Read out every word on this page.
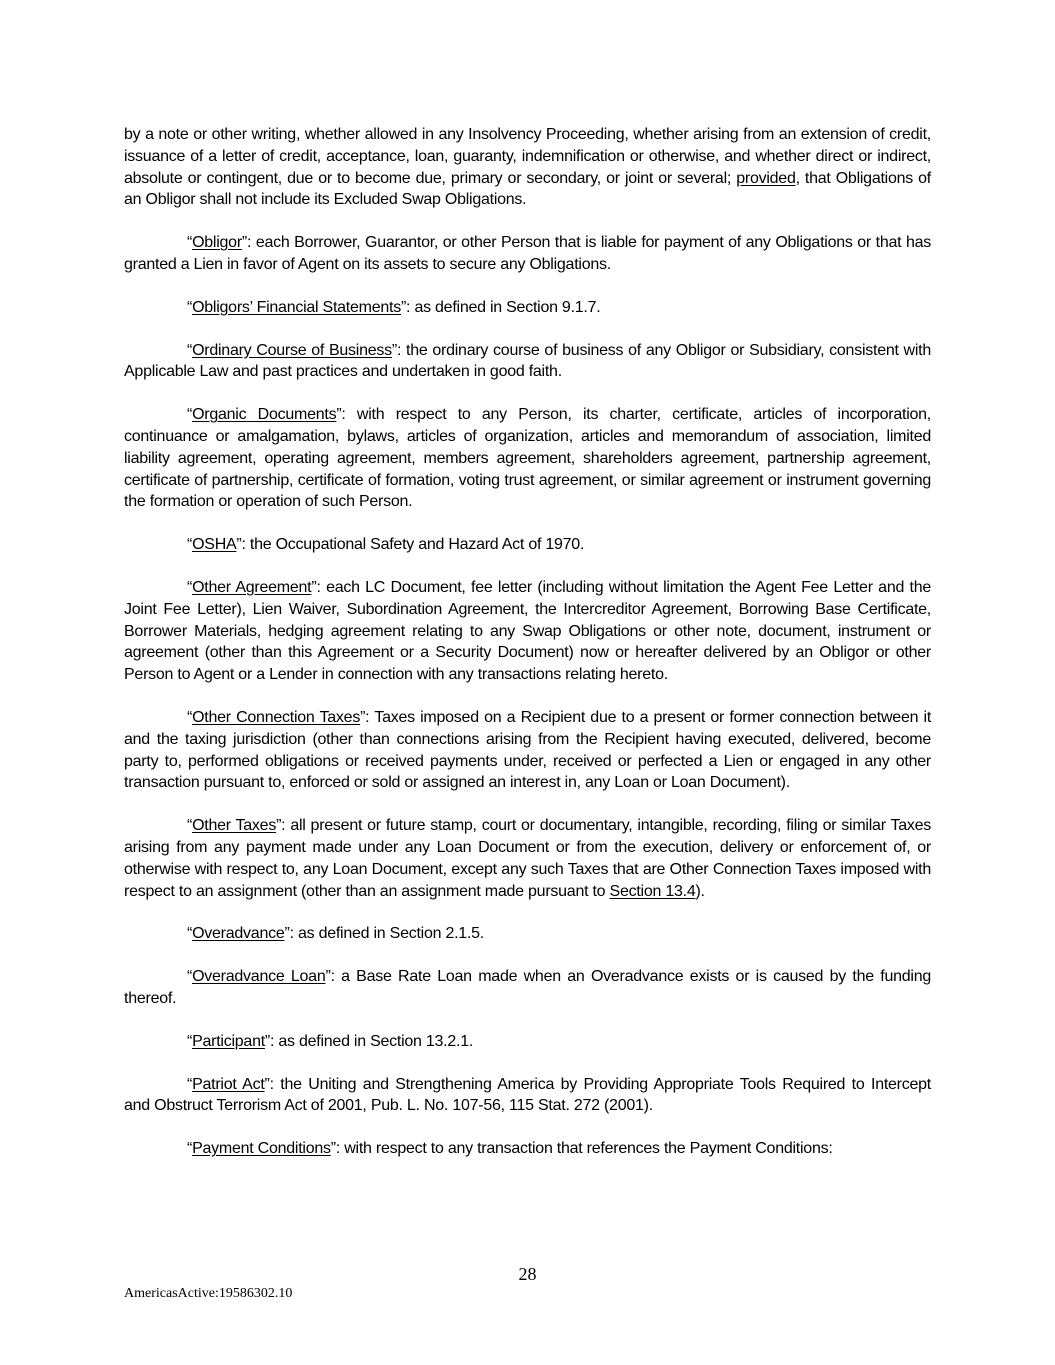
by a note or other writing, whether allowed in any Insolvency Proceeding, whether arising from an extension of credit, issuance of a letter of credit, acceptance, loan, guaranty, indemnification or otherwise, and whether direct or indirect, absolute or contingent, due or to become due, primary or secondary, or joint or several; provided, that Obligations of an Obligor shall not include its Excluded Swap Obligations.

“Obligor”: each Borrower, Guarantor, or other Person that is liable for payment of any Obligations or that has granted a Lien in favor of Agent on its assets to secure any Obligations.

“Obligors’ Financial Statements”: as defined in Section 9.1.7.

“Ordinary Course of Business”: the ordinary course of business of any Obligor or Subsidiary, consistent with Applicable Law and past practices and undertaken in good faith.

“Organic Documents”: with respect to any Person, its charter, certificate, articles of incorporation, continuance or amalgamation, bylaws, articles of organization, articles and memorandum of association, limited liability agreement, operating agreement, members agreement, shareholders agreement, partnership agreement, certificate of partnership, certificate of formation, voting trust agreement, or similar agreement or instrument governing the formation or operation of such Person.

“OSHA”: the Occupational Safety and Hazard Act of 1970.

“Other Agreement”: each LC Document, fee letter (including without limitation the Agent Fee Letter and the Joint Fee Letter), Lien Waiver, Subordination Agreement, the Intercreditor Agreement, Borrowing Base Certificate, Borrower Materials, hedging agreement relating to any Swap Obligations or other note, document, instrument or agreement (other than this Agreement or a Security Document) now or hereafter delivered by an Obligor or other Person to Agent or a Lender in connection with any transactions relating hereto.

“Other Connection Taxes”: Taxes imposed on a Recipient due to a present or former connection between it and the taxing jurisdiction (other than connections arising from the Recipient having executed, delivered, become party to, performed obligations or received payments under, received or perfected a Lien or engaged in any other transaction pursuant to, enforced or sold or assigned an interest in, any Loan or Loan Document).

“Other Taxes”: all present or future stamp, court or documentary, intangible, recording, filing or similar Taxes arising from any payment made under any Loan Document or from the execution, delivery or enforcement of, or otherwise with respect to, any Loan Document, except any such Taxes that are Other Connection Taxes imposed with respect to an assignment (other than an assignment made pursuant to Section 13.4).

“Overadvance”: as defined in Section 2.1.5.

“Overadvance Loan”: a Base Rate Loan made when an Overadvance exists or is caused by the funding thereof.

“Participant”: as defined in Section 13.2.1.

“Patriot Act”: the Uniting and Strengthening America by Providing Appropriate Tools Required to Intercept and Obstruct Terrorism Act of 2001, Pub. L. No. 107-56, 115 Stat. 272 (2001).

“Payment Conditions”: with respect to any transaction that references the Payment Conditions:

28
AmericasActive:19586302.10
